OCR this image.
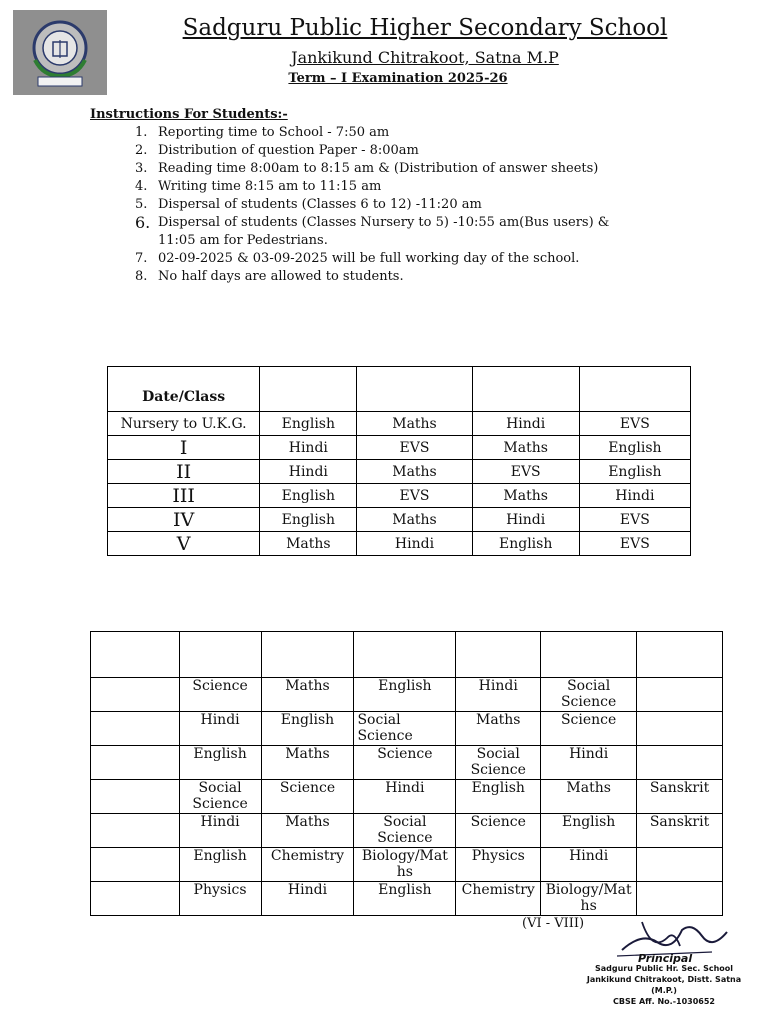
Sadguru Public Higher Secondary School
Jankikund Chitrakoot, Satna M.P
Term – I Examination 2025-26
Instructions For Students:-
1. Reporting time to School - 7:50 am
2. Distribution of question Paper - 8:00am
3. Reading time 8:00am to 8:15 am & (Distribution of answer sheets)
4. Writing time 8:15 am to 11:15 am
5. Dispersal of students (Classes 6 to 12) -11:20 am
6. Dispersal of students (Classes Nursery to 5) -10:55 am(Bus users) & 11:05 am for Pedestrians.
7. 02-09-2025 & 03-09-2025 will be full working day of the school.
8. No half days are allowed to students.
Date/Class				
Nursery to U.K.G.	English	Maths	Hindi	EVS
I	Hindi	EVS	Maths	English
II	Hindi	Maths	EVS	English
III	English	EVS	Maths	Hindi
IV	English	Maths	Hindi	EVS
V	Maths	Hindi	English	EVS

	Science	Maths	English	Hindi	Social Science	
	Hindi	English	Social Science	Maths	Science	
	English	Maths	Science	Social Science	Hindi	
	Social Science	Science	Hindi	English	Maths	Sanskrit
	Hindi	Maths	Social Science	Science	English	Sanskrit
	English	Chemistry	Biology/Maths	Physics	Hindi	
	Physics	Hindi	English	Chemistry	Biology/Maths	
(VI - VIII)
Principal
Sadguru Public Hr. Sec. School
Jankikund Chitrakoot, Distt. Satna (M.P.)
CBSE Aff. No.-1030652
